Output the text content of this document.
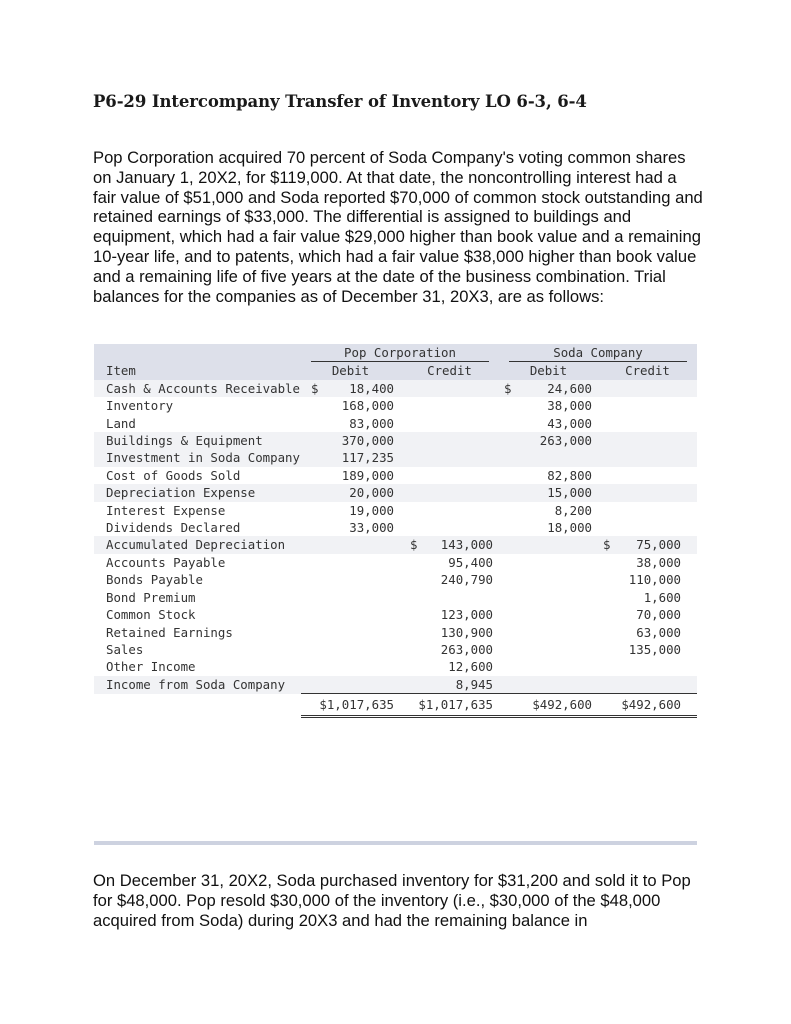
P6-29 Intercompany Transfer of Inventory LO 6-3, 6-4
Pop Corporation acquired 70 percent of Soda Company's voting common shares on January 1, 20X2, for $119,000. At that date, the noncontrolling interest had a fair value of $51,000 and Soda reported $70,000 of common stock outstanding and retained earnings of $33,000. The differential is assigned to buildings and equipment, which had a fair value $29,000 higher than book value and a remaining 10-year life, and to patents, which had a fair value $38,000 higher than book value and a remaining life of five years at the date of the business combination. Trial balances for the companies as of December 31, 20X3, are as follows:
	Pop Corporation		Soda Company	
Item	Debit	Credit	Debit	Credit
Cash & Accounts Receivable	$ 18,400		$ 24,600	
Inventory	168,000		38,000	
Land	83,000		43,000	
Buildings & Equipment	370,000		263,000	
Investment in Soda Company	117,235			
Cost of Goods Sold	189,000		82,800	
Depreciation Expense	20,000		15,000	
Interest Expense	19,000		8,200	
Dividends Declared	33,000		18,000	
Accumulated Depreciation		$ 143,000		$ 75,000
Accounts Payable		95,400		38,000
Bonds Payable		240,790		110,000
Bond Premium				1,600
Common Stock		123,000		70,000
Retained Earnings		130,900		63,000
Sales		263,000		135,000
Other Income		12,600		
Income from Soda Company		8,945		
	$1,017,635	$1,017,635	$492,600	$492,600
On December 31, 20X2, Soda purchased inventory for $31,200 and sold it to Pop for $48,000. Pop resold $30,000 of the inventory (i.e., $30,000 of the $48,000 acquired from Soda) during 20X3 and had the remaining balance in
